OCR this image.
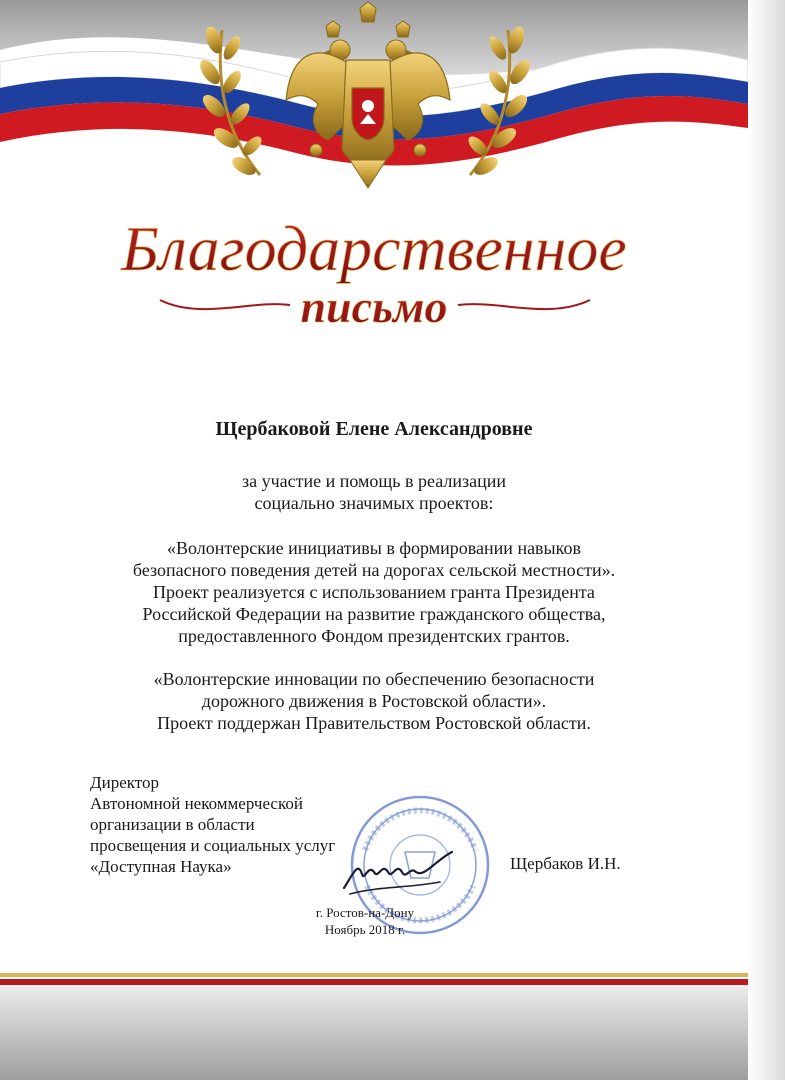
Благодарственное
письмо
Щербаковой Елене Александровне
за участие и помощь в реализации
социально значимых проектов:
«Волонтерские инициативы в формировании навыков
безопасного поведения детей на дорогах сельской местности».
Проект реализуется с использованием гранта Президента
Российской Федерации на развитие гражданского общества,
предоставленного Фондом президентских грантов.
«Волонтерские инновации по обеспечению безопасности
дорожного движения в Ростовской области».
Проект поддержан Правительством Ростовской области.
Директор
Автономной некоммерческой
организации в области
просвещения и социальных услуг
«Доступная Наука»	Щербаков И.Н.
г. Ростов-на-Дону
Ноябрь 2018 г.
